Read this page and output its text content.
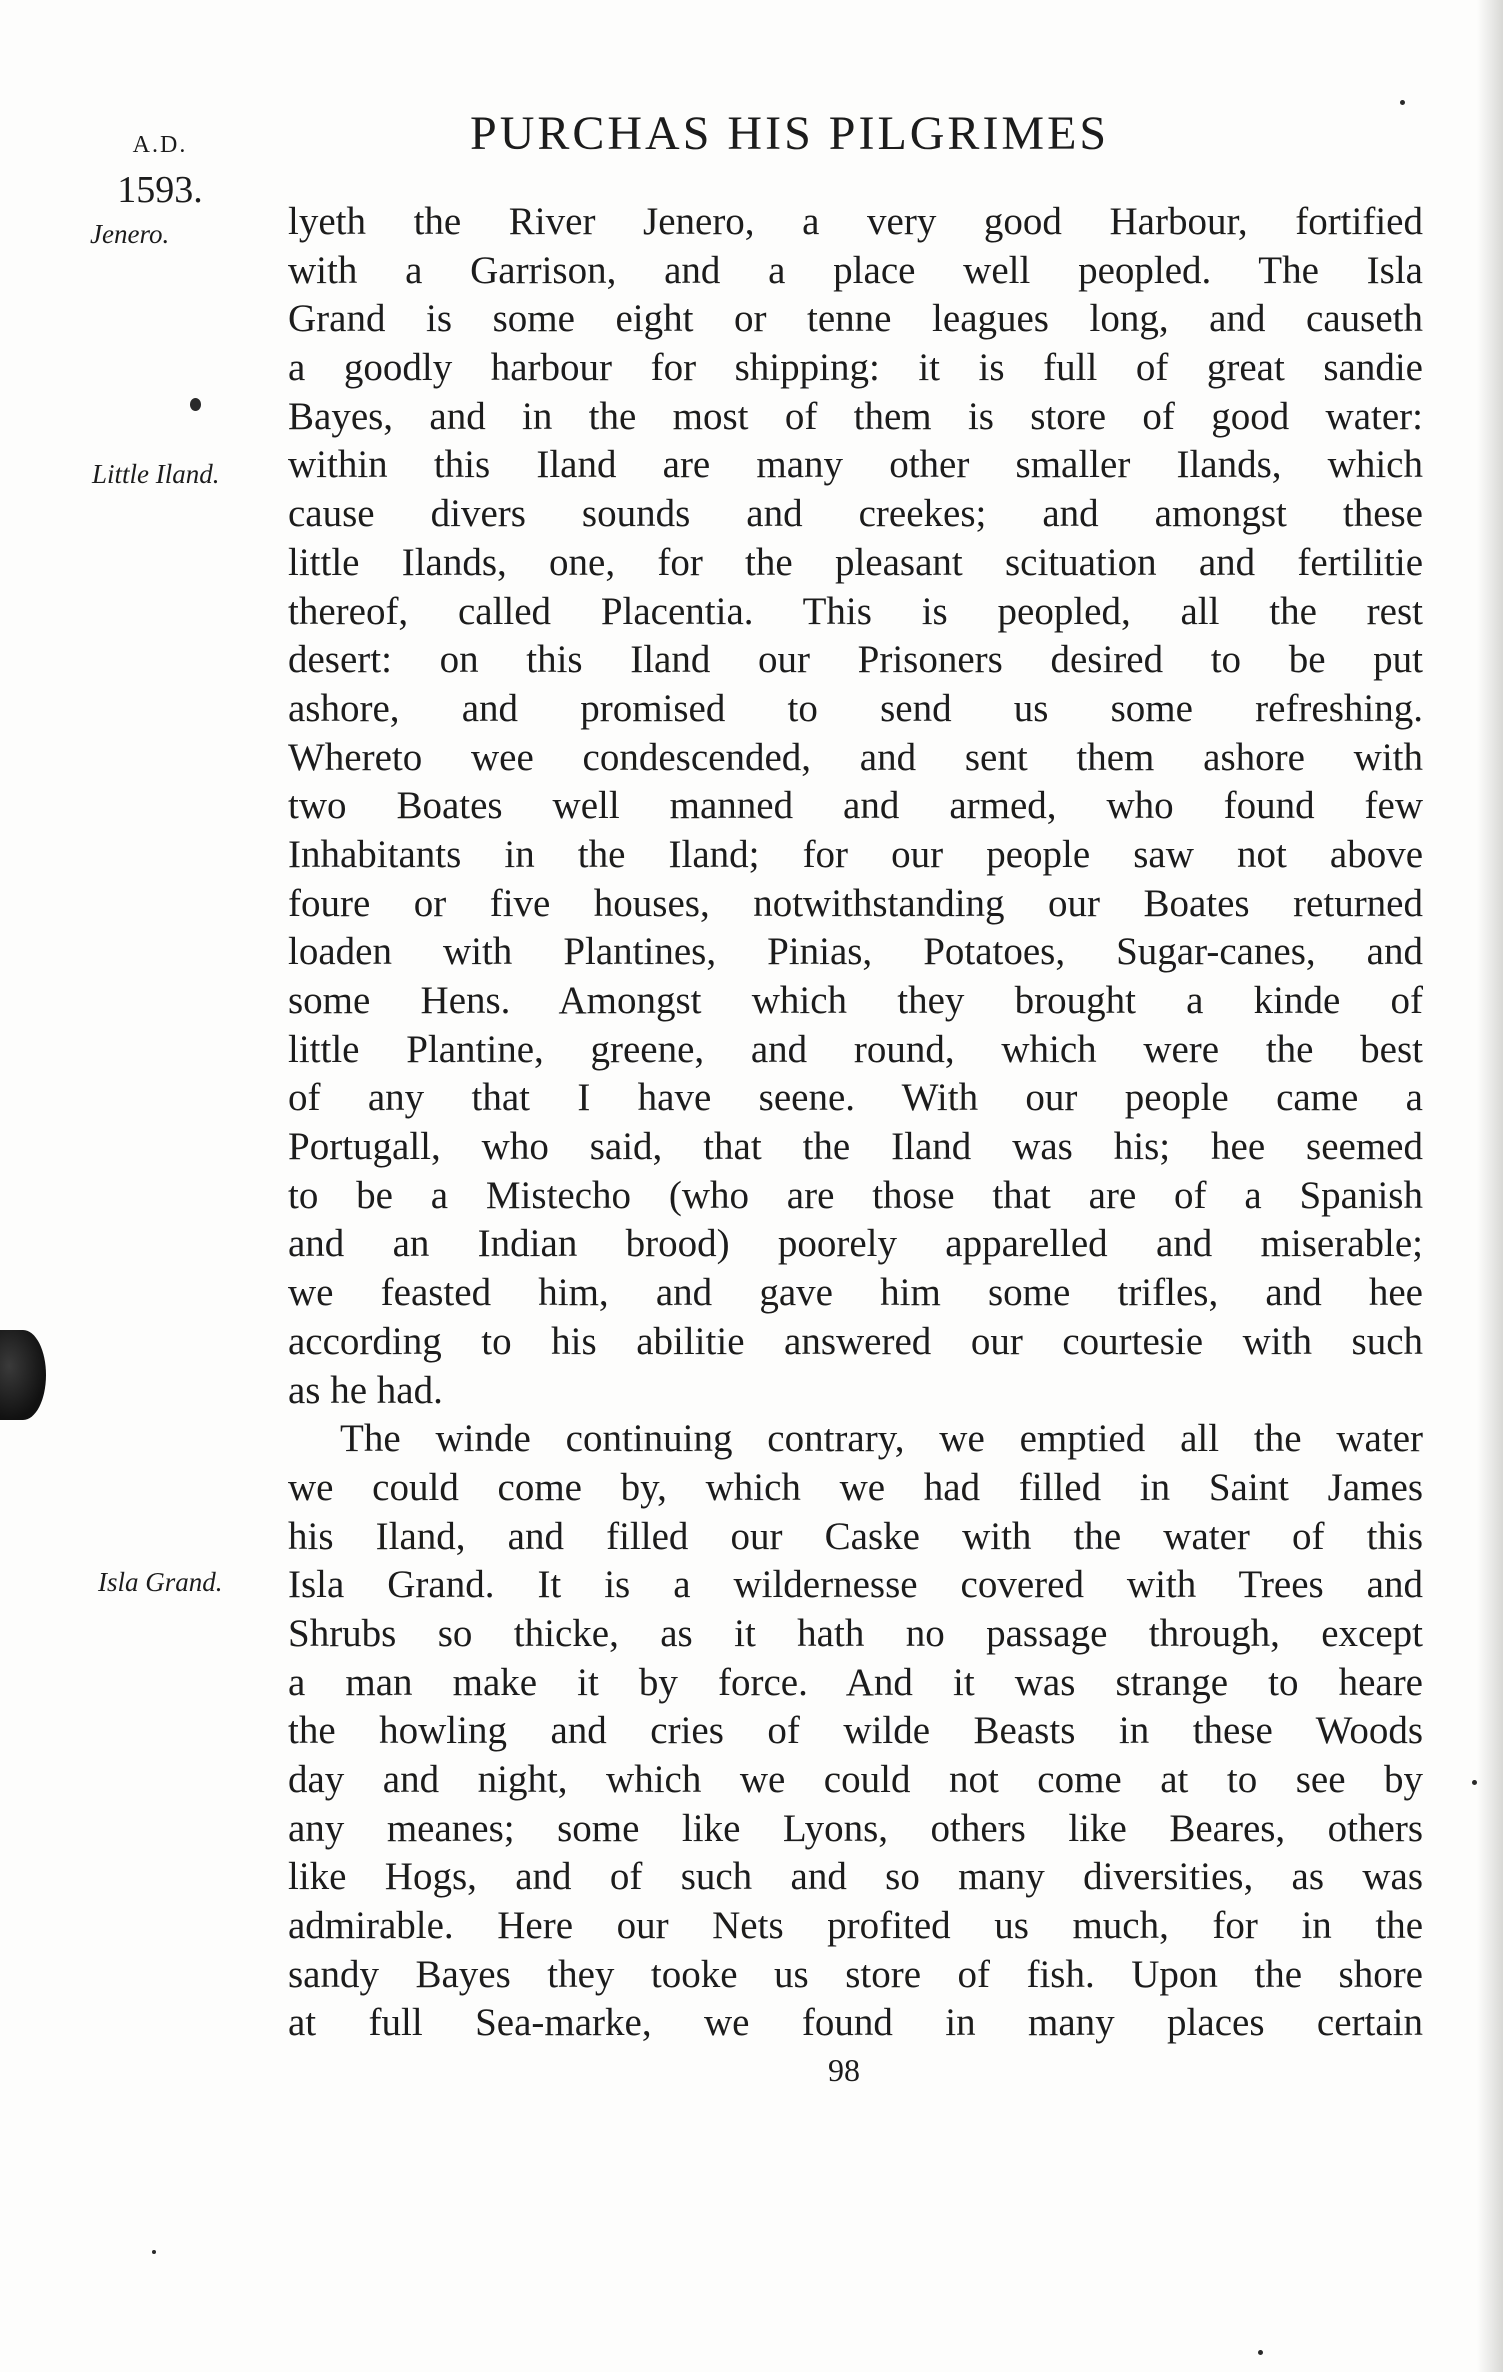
A.D.
1593.
PURCHAS HIS PILGRIMES
Jenero.
Little Iland.
Isla Grand.
lyeth the River Jenero, a very good Harbour, fortified
with a Garrison, and a place well peopled. The Isla
Grand is some eight or tenne leagues long, and causeth
a goodly harbour for shipping: it is full of great sandie
Bayes, and in the most of them is store of good water:
within this Iland are many other smaller Ilands, which
cause divers sounds and creekes; and amongst these
little Ilands, one, for the pleasant scituation and fertilitie
thereof, called Placentia. This is peopled, all the rest
desert: on this Iland our Prisoners desired to be put
ashore, and promised to send us some refreshing.
Whereto wee condescended, and sent them ashore with
two Boates well manned and armed, who found few
Inhabitants in the Iland; for our people saw not above
foure or five houses, notwithstanding our Boates returned
loaden with Plantines, Pinias, Potatoes, Sugar-canes, and
some Hens. Amongst which they brought a kinde of
little Plantine, greene, and round, which were the best
of any that I have seene. With our people came a
Portugall, who said, that the Iland was his; hee seemed
to be a Mistecho (who are those that are of a Spanish
and an Indian brood) poorely apparelled and miserable;
we feasted him, and gave him some trifles, and hee
according to his abilitie answered our courtesie with such
as he had.
The winde continuing contrary, we emptied all the water
we could come by, which we had filled in Saint James
his Iland, and filled our Caske with the water of this
Isla Grand. It is a wildernesse covered with Trees and
Shrubs so thicke, as it hath no passage through, except
a man make it by force. And it was strange to heare
the howling and cries of wilde Beasts in these Woods
day and night, which we could not come at to see by
any meanes; some like Lyons, others like Beares, others
like Hogs, and of such and so many diversities, as was
admirable. Here our Nets profited us much, for in the
sandy Bayes they tooke us store of fish. Upon the shore
at full Sea-marke, we found in many places certain
98
